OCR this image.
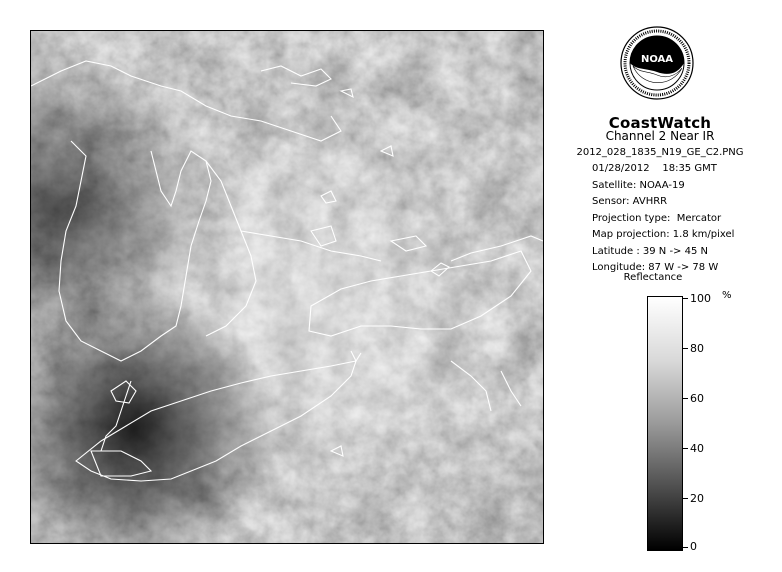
NOAA
CoastWatch
Channel 2 Near IR
2012_028_1835_N19_GE_C2.PNG
01/28/2012    18:35 GMT
Satellite: NOAA-19
Sensor: AVHRR
Projection type:  Mercator
Map projection: 1.8 km/pixel
Latitude : 39 N -> 45 N
Longitude: 87 W -> 78 W
Reflectance
%
100
80
60
40
20
0
